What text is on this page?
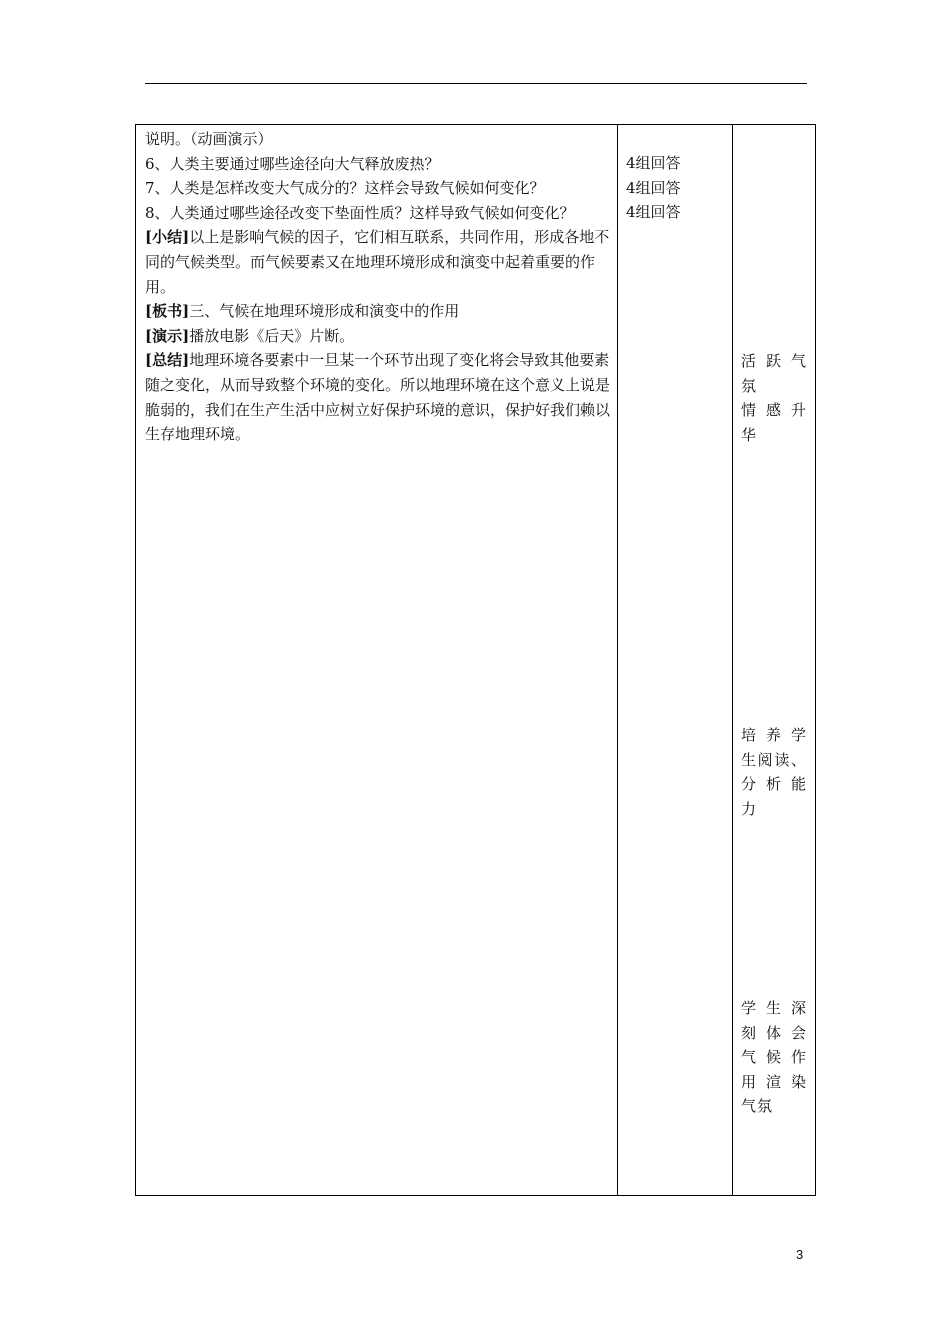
说明。（动画演示）

6、人类主要通过哪些途径向大气释放废热？

7、人类是怎样改变大气成分的？这样会导致气候如何变化？

8、人类通过哪些途径改变下垫面性质？这样导致气候如何变化？

[小结]以上是影响气候的因子，它们相互联系，共同作用，形成各地不同的气候类型。而气候要素又在地理环境形成和演变中起着重要的作用。

[板书]三、气候在地理环境形成和演变中的作用

[演示]播放电影《后天》片断。

[总结]地理环境各要素中一旦某一个环节出现了变化将会导致其他要素随之变化，从而导致整个环境的变化。所以地理环境在这个意义上说是脆弱的，我们在生产生活中应树立好保护环境的意识，保护好我们赖以生存地理环境。

4组回答
4组回答
4组回答
活跃气
氛
情感升
华
培养学
生阅读、
分析能
力
学生深
刻体会
气候作
用渲染
气氛
3
